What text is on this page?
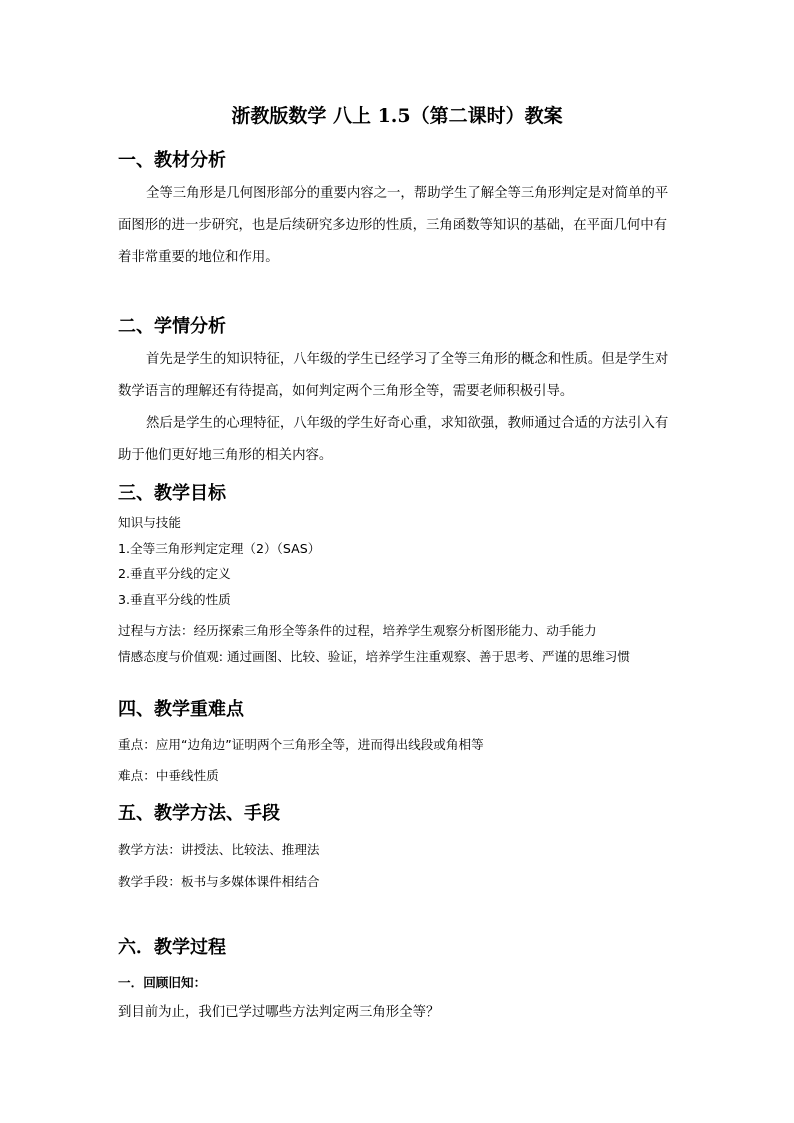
浙教版数学 八上 1.5（第二课时）教案
一、教材分析
全等三角形是几何图形部分的重要内容之一，帮助学生了解全等三角形判定是对简单的平面图形的进一步研究，也是后续研究多边形的性质，三角函数等知识的基础，在平面几何中有着非常重要的地位和作用。
二、学情分析
首先是学生的知识特征，八年级的学生已经学习了全等三角形的概念和性质。但是学生对数学语言的理解还有待提高，如何判定两个三角形全等，需要老师积极引导。
然后是学生的心理特征，八年级的学生好奇心重，求知欲强，教师通过合适的方法引入有助于他们更好地三角形的相关内容。
三、教学目标
知识与技能
1.全等三角形判定定理（2）（SAS）
2.垂直平分线的定义
3.垂直平分线的性质
过程与方法：经历探索三角形全等条件的过程，培养学生观察分析图形能力、动手能力
情感态度与价值观: 通过画图、比较、验证，培养学生注重观察、善于思考、严谨的思维习惯
四、教学重难点
重点：应用“边角边”证明两个三角形全等，进而得出线段或角相等
难点：中垂线性质
五、教学方法、手段
教学方法：讲授法、比较法、推理法
教学手段：板书与多媒体课件相结合
六．教学过程
一．回顾旧知：
到目前为止，我们已学过哪些方法判定两三角形全等？
